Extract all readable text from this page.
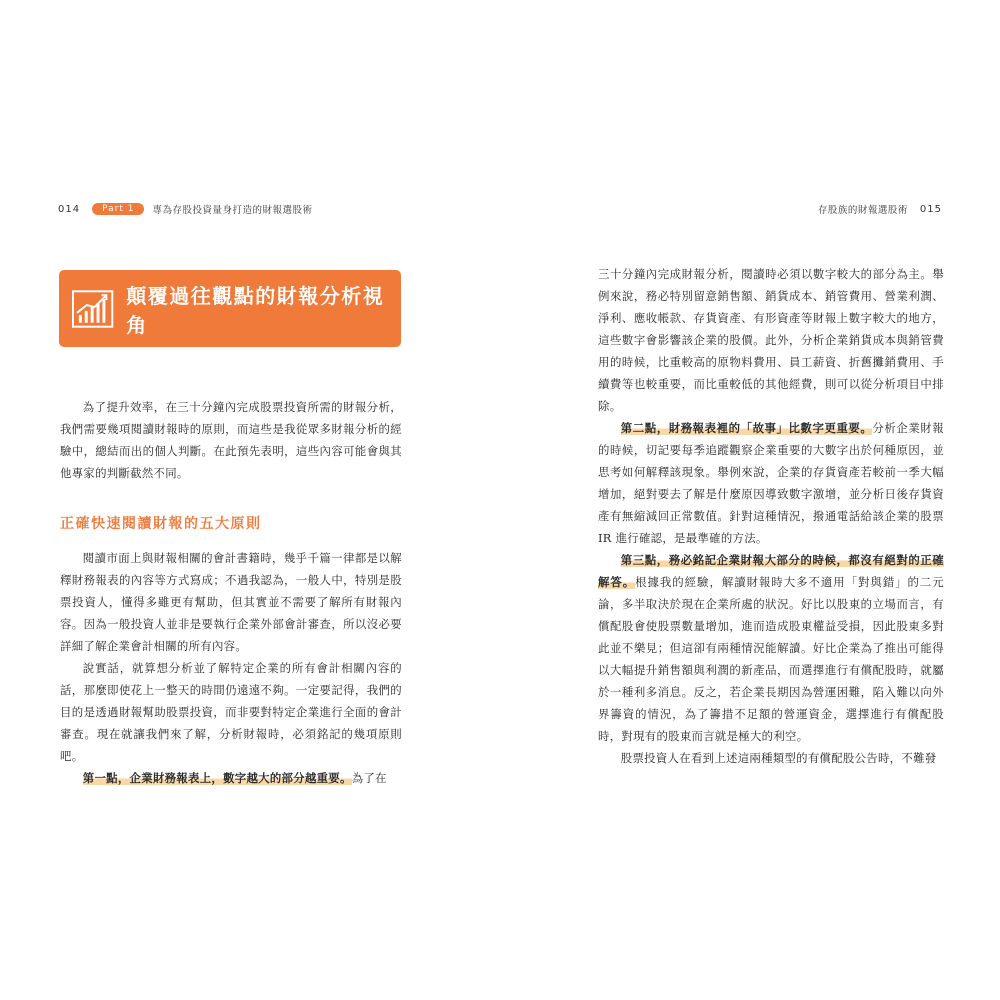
014	Part 1	專為存股投資量身打造的財報選股術
顛覆過往觀點的財報分析視角

為了提升效率，在三十分鐘內完成股票投資所需的財報分析，我們需要幾項閱讀財報時的原則，而這些是我從眾多財報分析的經驗中，總結而出的個人判斷。在此預先表明，這些內容可能會與其他專家的判斷截然不同。

正確快速閱讀財報的五大原則

閱讀市面上與財報相關的會計書籍時，幾乎千篇一律都是以解釋財務報表的內容等方式寫成；不過我認為，一般人中，特別是股票投資人，懂得多雖更有幫助，但其實並不需要了解所有財報內容。因為一般投資人並非是要執行企業外部會計審查，所以沒必要詳細了解企業會計相關的所有內容。

說實話，就算想分析並了解特定企業的所有會計相關內容的話，那麼即使花上一整天的時間仍遠遠不夠。一定要記得，我們的目的是透過財報幫助股票投資，而非要對特定企業進行全面的會計審查。現在就讓我們來了解，分析財報時，必須銘記的幾項原則吧。

第一點，企業財務報表上，數字越大的部分越重要。為了在

存股族的財報選股術 015

三十分鐘內完成財報分析，閱讀時必須以數字較大的部分為主。舉例來說，務必特別留意銷售額、銷貨成本、銷管費用、營業利潤、淨利、應收帳款、存貨資產、有形資產等財報上數字較大的地方，這些數字會影響該企業的股價。此外，分析企業銷貨成本與銷管費用的時候，比重較高的原物料費用、員工薪資、折舊攤銷費用、手續費等也較重要，而比重較低的其他經費，則可以從分析項目中排除。

第二點，財務報表裡的「故事」比數字更重要。分析企業財報的時候，切記要每季追蹤觀察企業重要的大數字出於何種原因，並思考如何解釋該現象。舉例來說，企業的存貨資產若較前一季大幅增加，絕對要去了解是什麼原因導致數字激增，並分析日後存貨資產有無縮減回正常數值。針對這種情況，撥通電話給該企業的股票 IR 進行確認，是最準確的方法。

第三點，務必銘記企業財報大部分的時候，都沒有絕對的正確解答。根據我的經驗，解讀財報時大多不適用「對與錯」的二元論，多半取決於現在企業所處的狀況。好比以股東的立場而言，有償配股會使股票數量增加，進而造成股東權益受損，因此股東多對此並不樂見；但這卻有兩種情況能解讀。好比企業為了推出可能得以大幅提升銷售額與利潤的新產品，而選擇進行有償配股時，就屬於一種利多消息。反之，若企業長期因為營運困難，陷入難以向外界籌資的情況，為了籌措不足額的營運資金，選擇進行有償配股時，對現有的股東而言就是極大的利空。

股票投資人在看到上述這兩種類型的有償配股公告時，不難發
